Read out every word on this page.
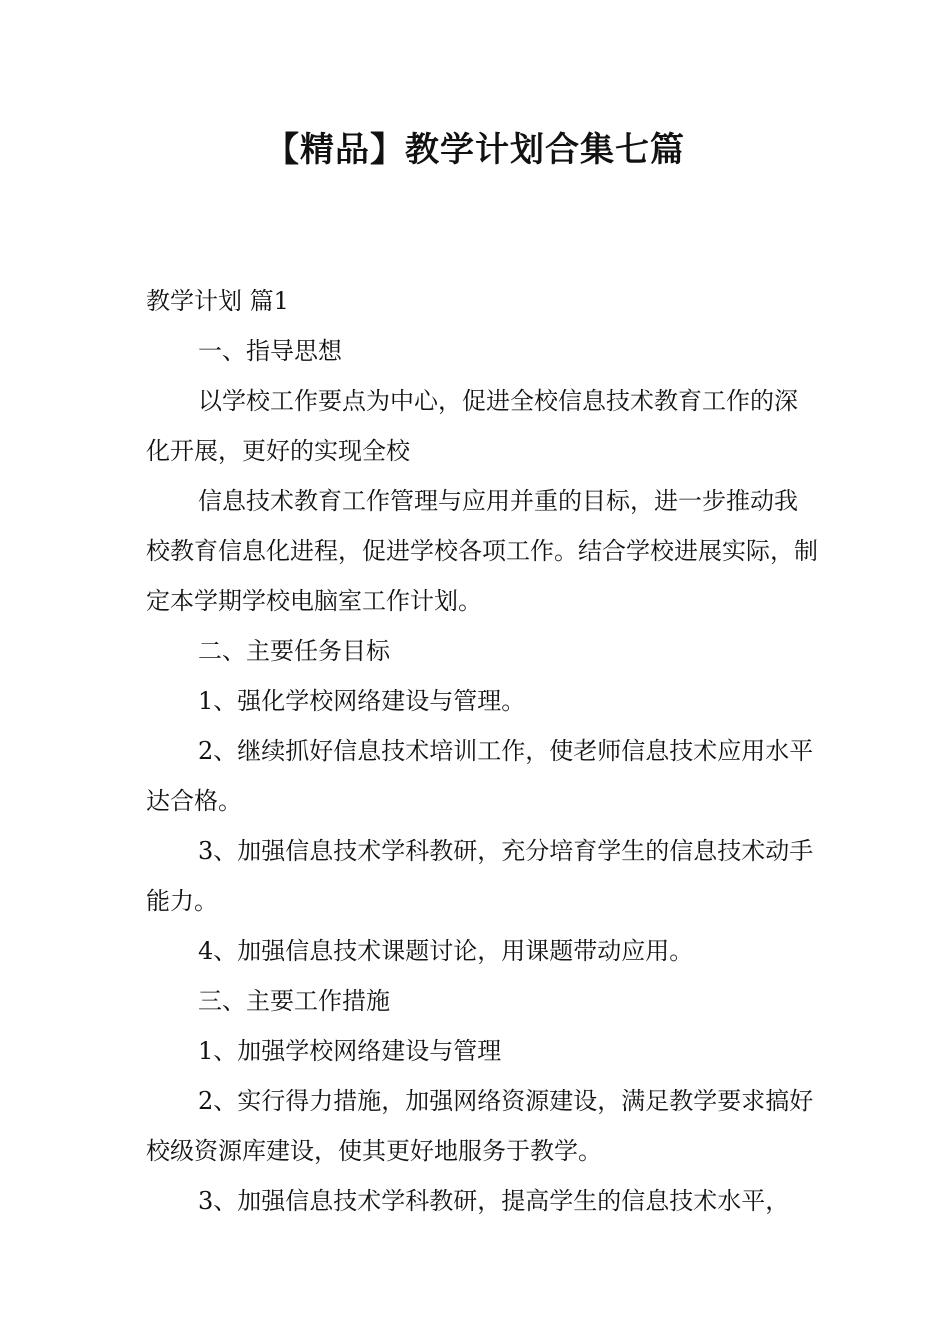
【精品】教学计划合集七篇

教学计划 篇1

一、指导思想

以学校工作要点为中心，促进全校信息技术教育工作的深化开展，更好的实现全校

信息技术教育工作管理与应用并重的目标，进一步推动我校教育信息化进程，促进学校各项工作。结合学校进展实际，制定本学期学校电脑室工作计划。

二、主要任务目标

1、强化学校网络建设与管理。

2、继续抓好信息技术培训工作，使老师信息技术应用水平达合格。

3、加强信息技术学科教研，充分培育学生的信息技术动手能力。

4、加强信息技术课题讨论，用课题带动应用。

三、主要工作措施

1、加强学校网络建设与管理

2、实行得力措施，加强网络资源建设，满足教学要求搞好校级资源库建设，使其更好地服务于教学。

3、加强信息技术学科教研，提高学生的信息技术水平，
